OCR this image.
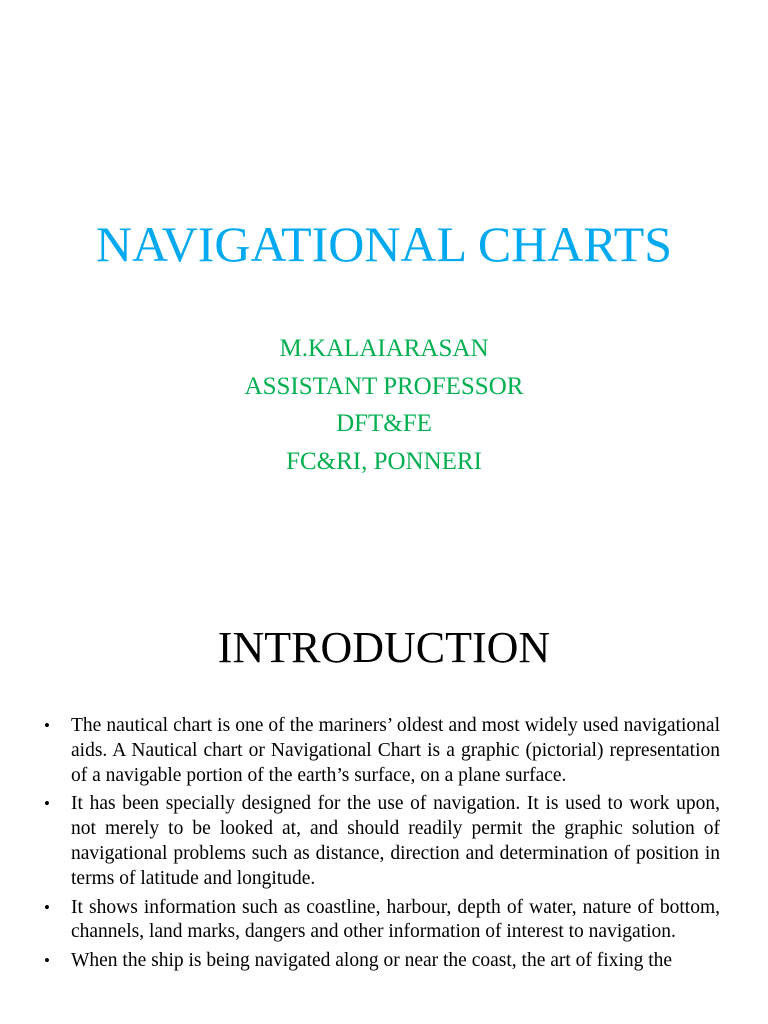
NAVIGATIONAL CHARTS
M.KALAIARASAN
ASSISTANT PROFESSOR
DFT&FE
FC&RI, PONNERI
INTRODUCTION
•	The nautical chart is one of the mariners’ oldest and most widely used navigational aids. A Nautical chart or Navigational Chart is a graphic (pictorial) representation of a navigable portion of the earth’s surface, on a plane surface.
•	It has been specially designed for the use of navigation. It is used to work upon, not merely to be looked at, and should readily permit the graphic solution of navigational problems such as distance, direction and determination of position in terms of latitude and longitude.
•	It shows information such as coastline, harbour, depth of water, nature of bottom, channels, land marks, dangers and other information of interest to navigation.
•	When the ship is being navigated along or near the coast, the art of fixing the
